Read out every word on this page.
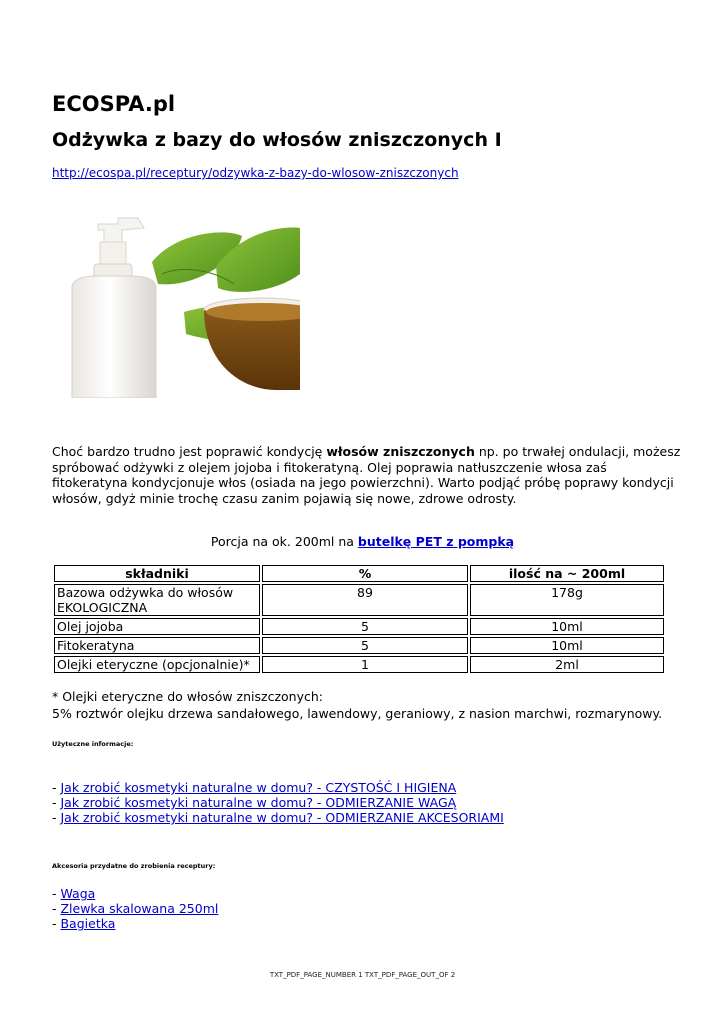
ECOSPA.pl
Odżywka z bazy do włosów zniszczonych I
http://ecospa.pl/receptury/odzywka-z-bazy-do-wlosow-zniszczonych
Choć bardzo trudno jest poprawić kondycję włosów zniszczonych np. po trwałej ondulacji, możesz spróbować odżywki z olejem jojoba i fitokeratyną. Olej poprawia natłuszczenie włosa zaś fitokeratyna kondycjonuje włos (osiada na jego powierzchni). Warto podjąć próbę poprawy kondycji włosów, gdyż minie trochę czasu zanim pojawią się nowe, zdrowe odrosty.
Porcja na ok. 200ml na butelkę PET z pompką
składniki	%	ilość na ~ 200ml
Bazowa odżywka do włosów EKOLOGICZNA	89	178g
Olej jojoba	5	10ml
Fitokeratyna	5	10ml
Olejki eteryczne (opcjonalnie)*	1	2ml
* Olejki eteryczne do włosów zniszczonych:
5% roztwór olejku drzewa sandałowego, lawendowy, geraniowy, z nasion marchwi, rozmarynowy.
Użyteczne informacje:
- Jak zrobić kosmetyki naturalne w domu? - CZYSTOŚĆ I HIGIENA
- Jak zrobić kosmetyki naturalne w domu? - ODMIERZANIE WAGĄ
- Jak zrobić kosmetyki naturalne w domu? - ODMIERZANIE AKCESORIAMI
Akcesoria przydatne do zrobienia receptury:
- Waga
- Zlewka skalowana 250ml
- Bagietka
TXT_PDF_PAGE_NUMBER 1 TXT_PDF_PAGE_OUT_OF 2
